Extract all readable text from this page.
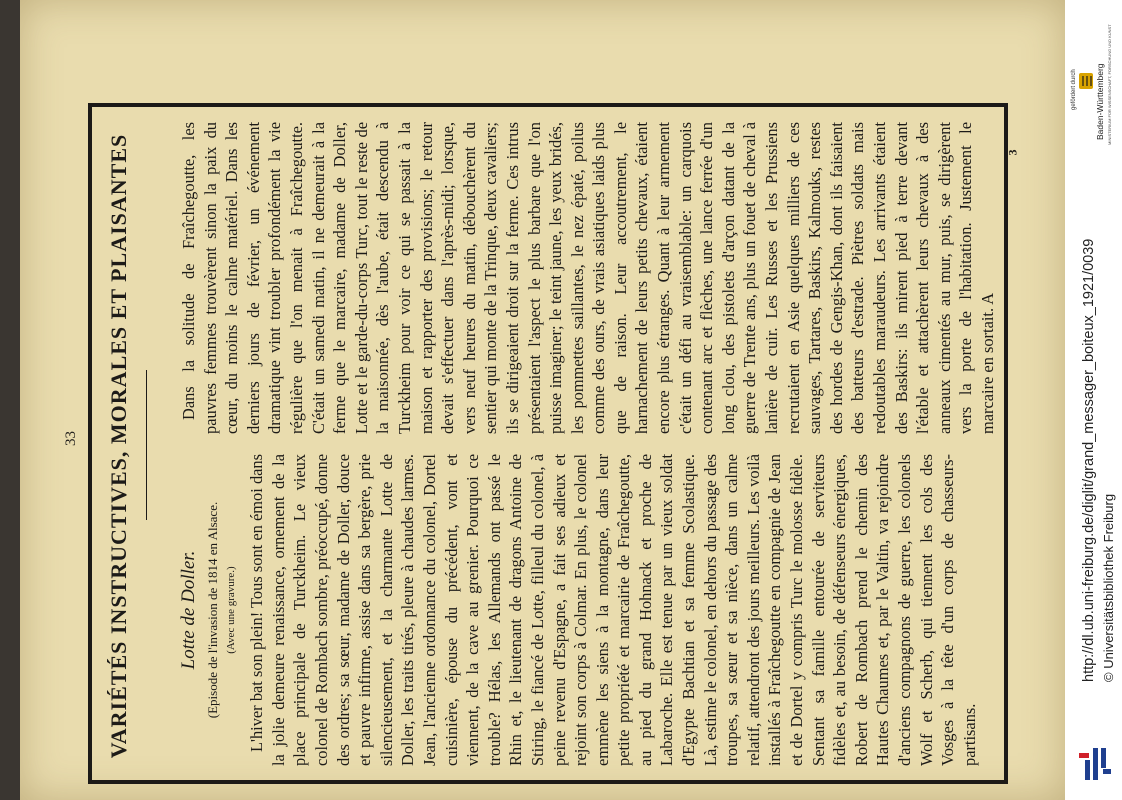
33
3
VARIÉTÉS INSTRUCTIVES, MORALES ET PLAISANTES Lotte de Doller. (Episode de l'invasion de 1814 en Alsace. (Avec une gravure.) L'hiver bat son plein! Tous sont en émoi dans la jolie demeure renaissance, ornement de la place principale de Turckheim. Le vieux colonel de Rombach sombre, préoccupé, donne des ordres; sa sœur, madame de Doller, douce et pauvre infirme, assise dans sa bergère, prie silencieusement, et la charmante Lotte de Doller, les traits tirés, pleure à chaudes larmes. Jean, l'ancienne ordonnance du colonel, Dortel cuisinière, épouse du précédent, vont et viennent, de la cave au grenier. Pourquoi ce trouble? Hélas, les Allemands ont passé le Rhin et, le lieutenant de dragons Antoine de Stiring, le fiancé de Lotte, filleul du colonel, à peine revenu d'Espagne, a fait ses adieux et rejoint son corps à Colmar. En plus, le colonel emmène les siens à la montagne, dans leur petite propriété et marcairie de Fraîchegoutte, au pied du grand Hohnack et proche de Labaroche. Elle est tenue par un vieux soldat d'Egypte Bachtian et sa femme Scolastique. Là, estime le colonel, en dehors du passage des troupes, sa sœur et sa nièce, dans un calme relatif, attendront des jours meilleurs. Les voilà installés à Fraîchegoutte en compagnie de Jean et de Dortel y compris Turc le molosse fidèle. Sentant sa famille entourée de serviteurs fidèles et, au besoin, de défenseurs énergiques, Robert de Rombach prend le chemin des Hautes Chaumes et, par le Valtin, va rejoindre d'anciens compagnons de guerre, les colonels Wolf et Scherb, qui tiennent les cols des Vosges à la tête d'un corps de chasseurs-partisans.

Dans la solitude de Fraîchegoutte, les pauvres femmes trouvèrent sinon la paix du cœur, du moins le calme matériel. Dans les derniers jours de février, un événement dramatique vint troubler profondément la vie régulière que l'on menait à Fraîchegoutte. C'était un samedi matin, il ne demeurait à la ferme que le marcaire, madame de Doller, Lotte et le garde-du-corps Turc, tout le reste de la maisonnée, dès l'aube, était descendu à Turckheim pour voir ce qui se passait à la maison et rapporter des provisions; le retour devait s'effectuer dans l'après-midi; lorsque, vers neuf heures du matin, débouchèrent du sentier qui monte de la Trinque, deux cavaliers; ils se dirigeaient droit sur la ferme. Ces intrus présentaient l'aspect le plus barbare que l'on puisse imaginer; le teint jaune, les yeux bridés, les pommettes saillantes, le nez épaté, poilus comme des ours, de vrais asiatiques laids plus que de raison. Leur accoutrement, le harnachement de leurs petits chevaux, étaient encore plus étranges. Quant à leur armement c'était un défi au vraisemblable: un carquois contenant arc et flèches, une lance ferrée d'un long clou, des pistolets d'arçon datant de la guerre de Trente ans, plus un fouet de cheval à lanière de cuir. Les Russes et les Prussiens recrutaient en Asie quelques milliers de ces sauvages, Tartares, Baskirs, Kalmouks, restes des hordes de Gengis-Khan, dont ils faisaient des batteurs d'estrade. Piètres soldats mais redoutables maraudeurs. Les arrivants étaient des Baskirs: ils mirent pied à terre devant l'étable et attachèrent leurs chevaux à des anneaux cimentés au mur, puis, se dirigèrent vers la porte de l'habitation. Justement le marcaire en sortait. A	http://dl.ub.uni-freiburg.de/diglit/grand_messager_boiteux_1921/0039 © Universitätsbibliothek Freiburg
gefördert durch Baden-Württemberg MINISTERIUM FÜR WISSENSCHAFT, FORSCHUNG UND KUNST
